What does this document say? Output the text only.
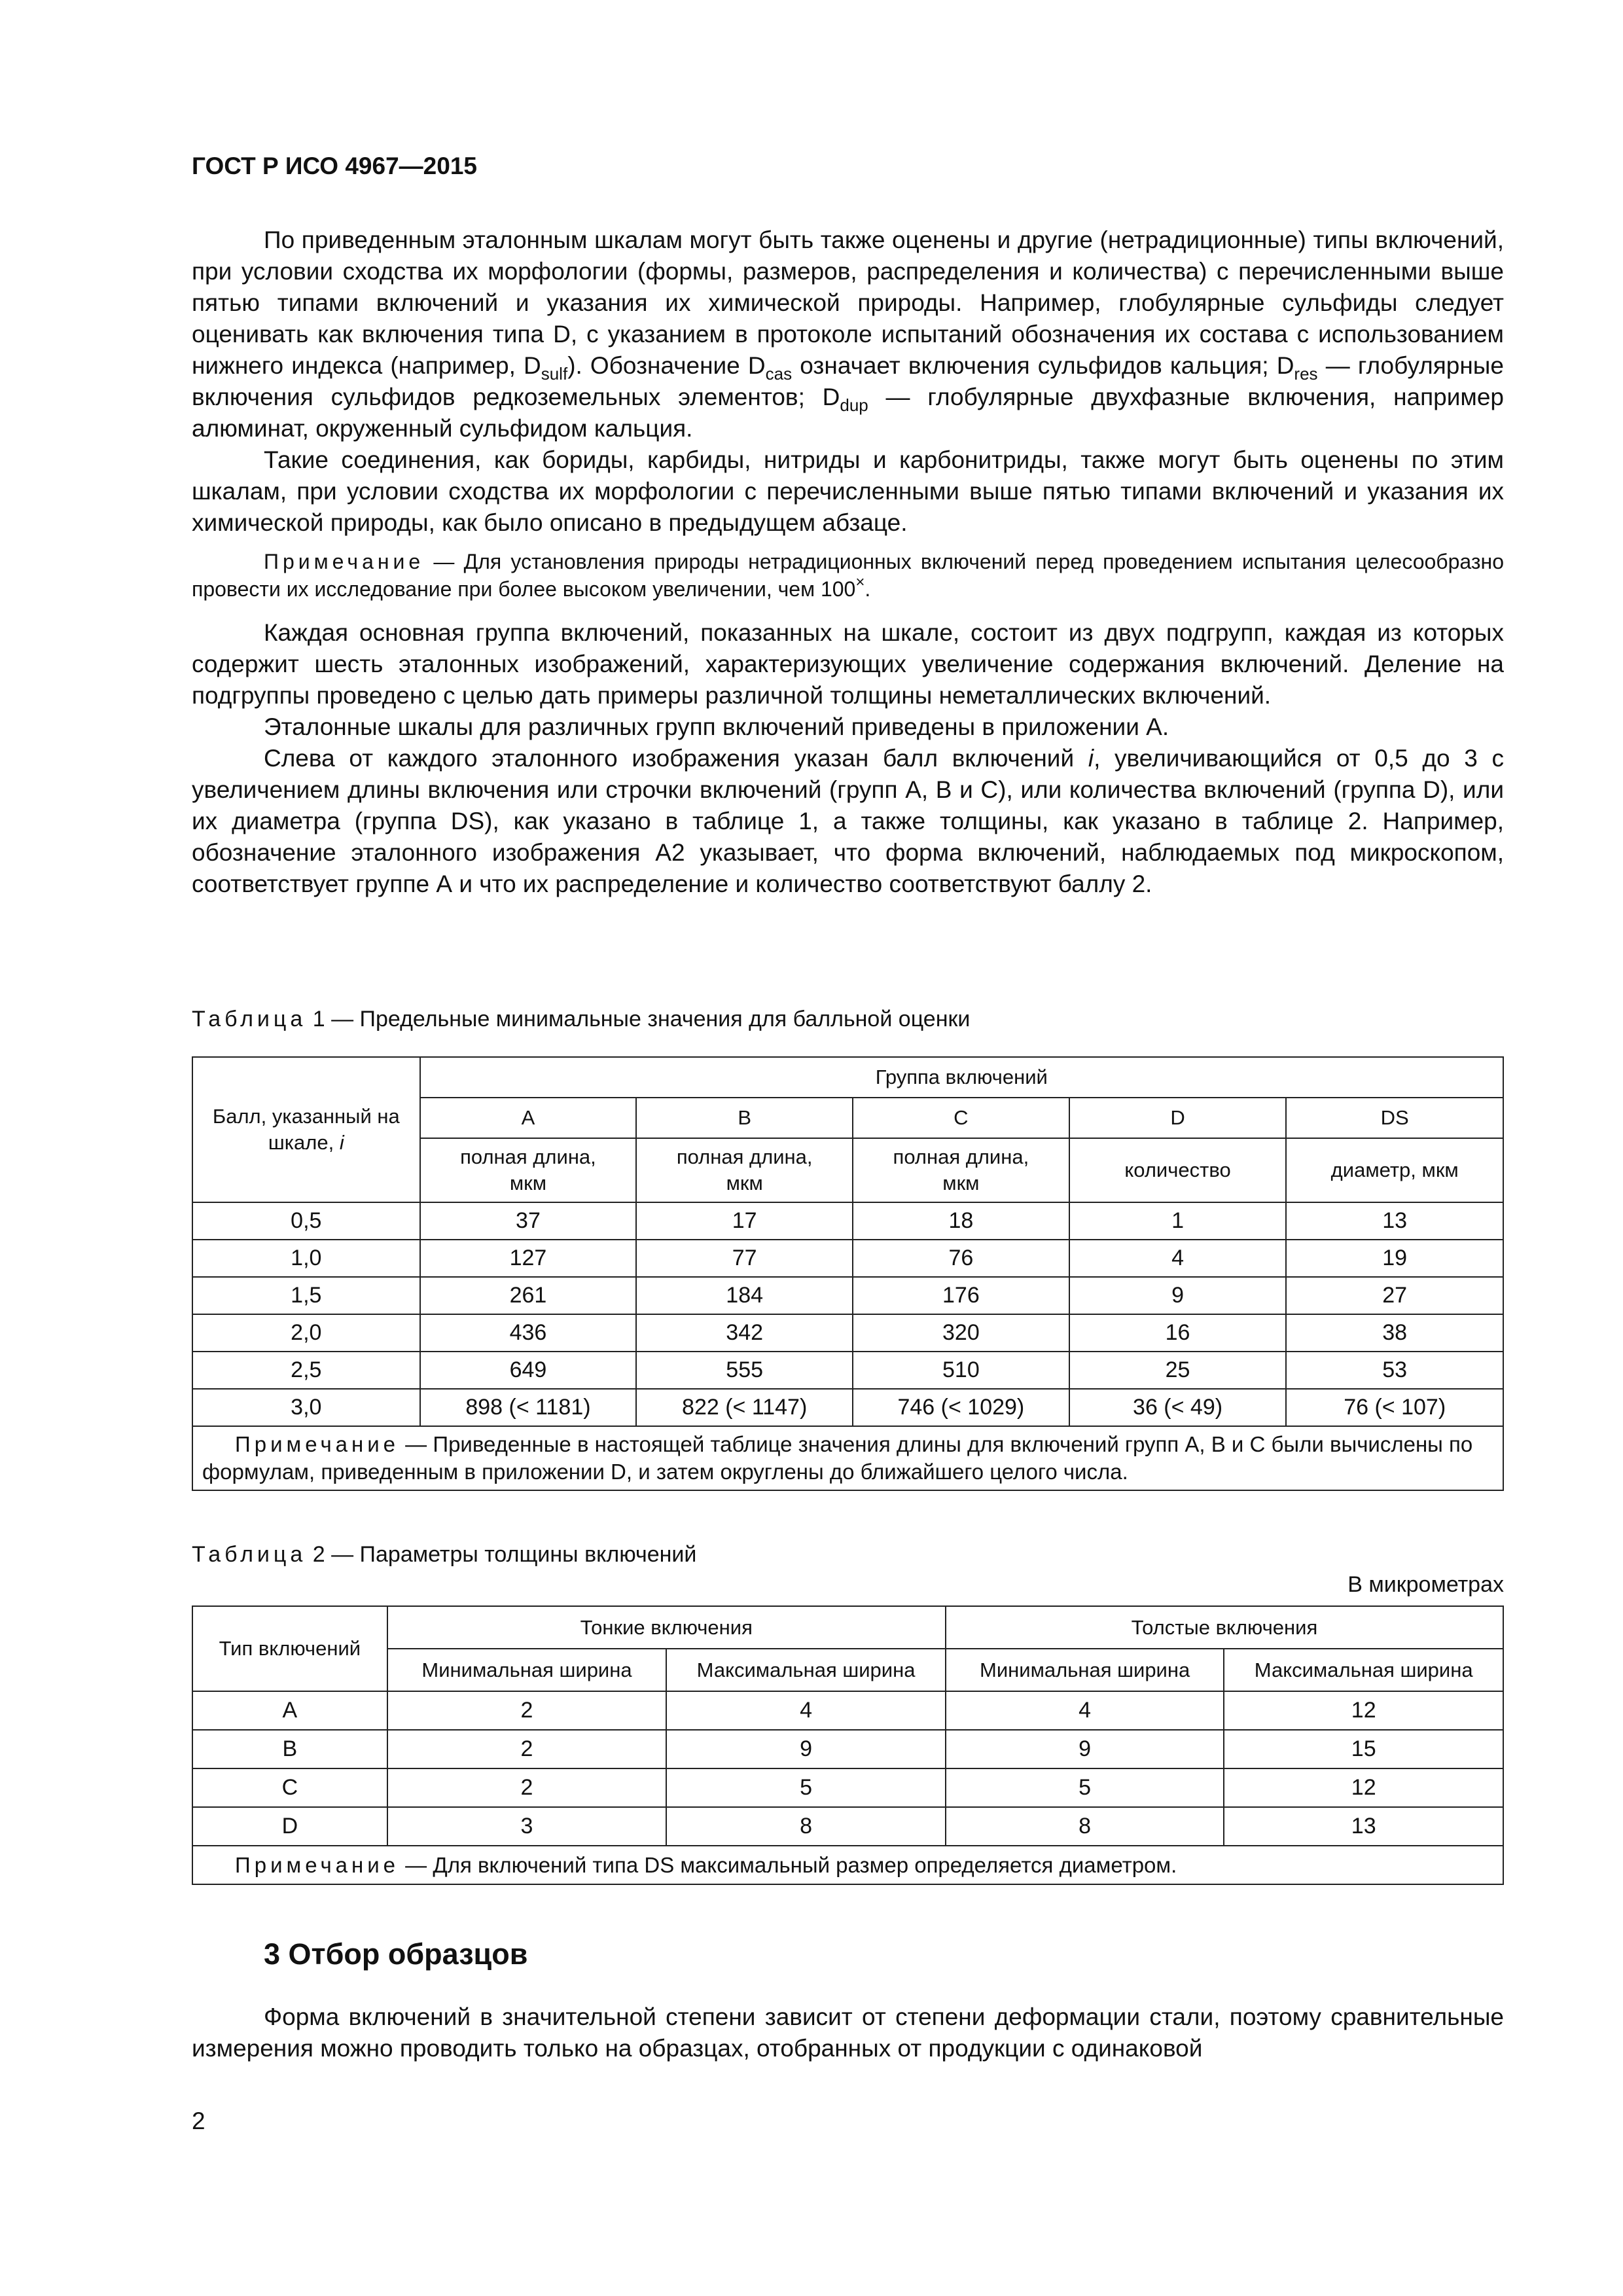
ГОСТ Р ИСО 4967—2015

По приведенным эталонным шкалам могут быть также оценены и другие (нетрадиционные) типы включений, при условии сходства их морфологии (формы, размеров, распределения и количества) с перечисленными выше пятью типами включений и указания их химической природы. Например, глобулярные сульфиды следует оценивать как включения типа D, с указанием в протоколе испытаний обозначения их состава с использованием нижнего индекса (например, $D_{sulf}$). Обозначение $D_{cas}$ означает включения сульфидов кальция; $D_{res}$ — глобулярные включения сульфидов редкоземельных элементов; $D_{dup}$ — глобулярные двухфазные включения, например алюминат, окруженный сульфидом кальция.

Такие соединения, как бориды, карбиды, нитриды и карбонитриды, также могут быть оценены по этим шкалам, при условии сходства их морфологии с перечисленными выше пятью типами включений и указания их химической природы, как было описано в предыдущем абзаце.

Примечание — Для установления природы нетрадиционных включений перед проведением испытания целесообразно провести их исследование при более высоком увеличении, чем 100×.

Каждая основная группа включений, показанных на шкале, состоит из двух подгрупп, каждая из которых содержит шесть эталонных изображений, характеризующих увеличение содержания включений. Деление на подгруппы проведено с целью дать примеры различной толщины неметаллических включений.

Эталонные шкалы для различных групп включений приведены в приложении А.

Слева от каждого эталонного изображения указан балл включений i, увеличивающийся от 0,5 до 3 с увеличением длины включения или строчки включений (групп A, B и C), или количества включений (группа D), или их диаметра (группа DS), как указано в таблице 1, а также толщины, как указано в таблице 2. Например, обозначение эталонного изображения А2 указывает, что форма включений, наблюдаемых под микроскопом, соответствует группе А и что их распределение и количество соответствуют баллу 2.

Таблица 1 — Предельные минимальные значения для балльной оценки
Балл, указанный на шкале, i	Группа включений				
	A	B	C	D	DS
	полная длина, мкм	полная длина, мкм	полная длина, мкм	количество	диаметр, мкм
0,5	37	17	18	1	13
1,0	127	77	76	4	19
1,5	261	184	176	9	27
2,0	436	342	320	16	38
2,5	649	555	510	25	53
3,0	898 (< 1181)	822 (< 1147)	746 (< 1029)	36 (< 49)	76 (< 107)
Примечание — Приведенные в настоящей таблице значения длины для включений групп A, B и C были вычислены по формулам, приведенным в приложении D, и затем округлены до ближайшего целого числа.					
Таблица 2 — Параметры толщины включений
В микрометрах
Тип включений	Тонкие включения		Толстые включения	
	Минимальная ширина	Максимальная ширина	Минимальная ширина	Максимальная ширина
A	2	4	4	12
B	2	9	9	15
C	2	5	5	12
D	3	8	8	13
Примечание — Для включений типа DS максимальный размер определяется диаметром.				
3 Отбор образцов

Форма включений в значительной степени зависит от степени деформации стали, поэтому сравнительные измерения можно проводить только на образцах, отобранных от продукции с одинаковой

2
